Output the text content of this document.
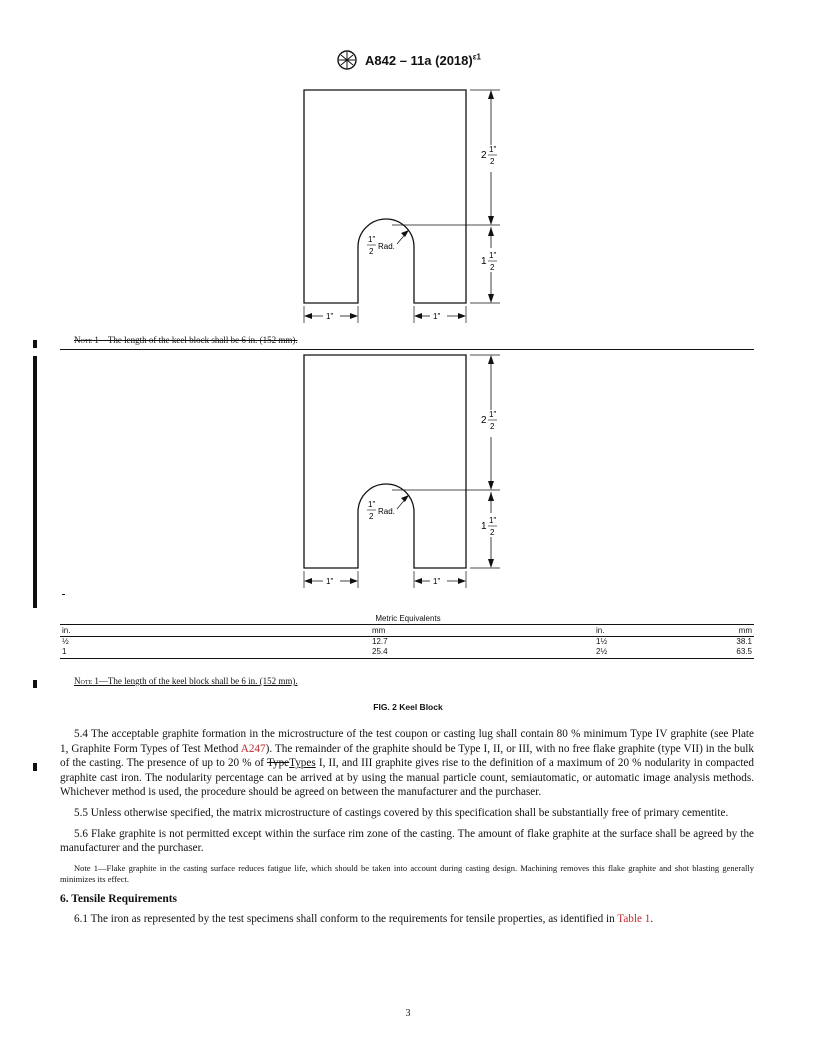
A842 – 11a $(2018)^{\varepsilon 1}$
2
1"
2
1
1"
2
1"
2
Rad.
1"	1"
Note 1—The length of the keel block shall be 6 in. (152 mm).
2
1"
2
1
1"
2
1"
2
Rad.
1"	1"
Metric Equivalents
in.	mm	in.	mm
½	12.7	1½	38.1
1	25.4	2½	63.5
Note 1—The length of the keel block shall be 6 in. (152 mm).
FIG. 2 Keel Block

5.4 The acceptable graphite formation in the microstructure of the test coupon or casting lug shall contain 80 % minimum Type IV graphite (see Plate 1, Graphite Form Types of Test Method A247). The remainder of the graphite should be Type I, II, or III, with no free flake graphite (type VII) in the bulk of the casting. The presence of up to 20 % of TypeTypes I, II, and III graphite gives rise to the definition of a maximum of 20 % nodularity in compacted graphite cast iron. The nodularity percentage can be arrived at by using the manual particle count, semiautomatic, or automatic image analysis methods. Whichever method is used, the procedure should be agreed on between the manufacturer and the purchaser.

5.5 Unless otherwise specified, the matrix microstructure of castings covered by this specification shall be substantially free of primary cementite.

5.6 Flake graphite is not permitted except within the surface rim zone of the casting. The amount of flake graphite at the surface shall be agreed by the manufacturer and the purchaser.

Note 1—Flake graphite in the casting surface reduces fatigue life, which should be taken into account during casting design. Machining removes this flake graphite and shot blasting generally minimizes its effect.

6. Tensile Requirements

6.1 The iron as represented by the test specimens shall conform to the requirements for tensile properties, as identified in Table 1.

3
